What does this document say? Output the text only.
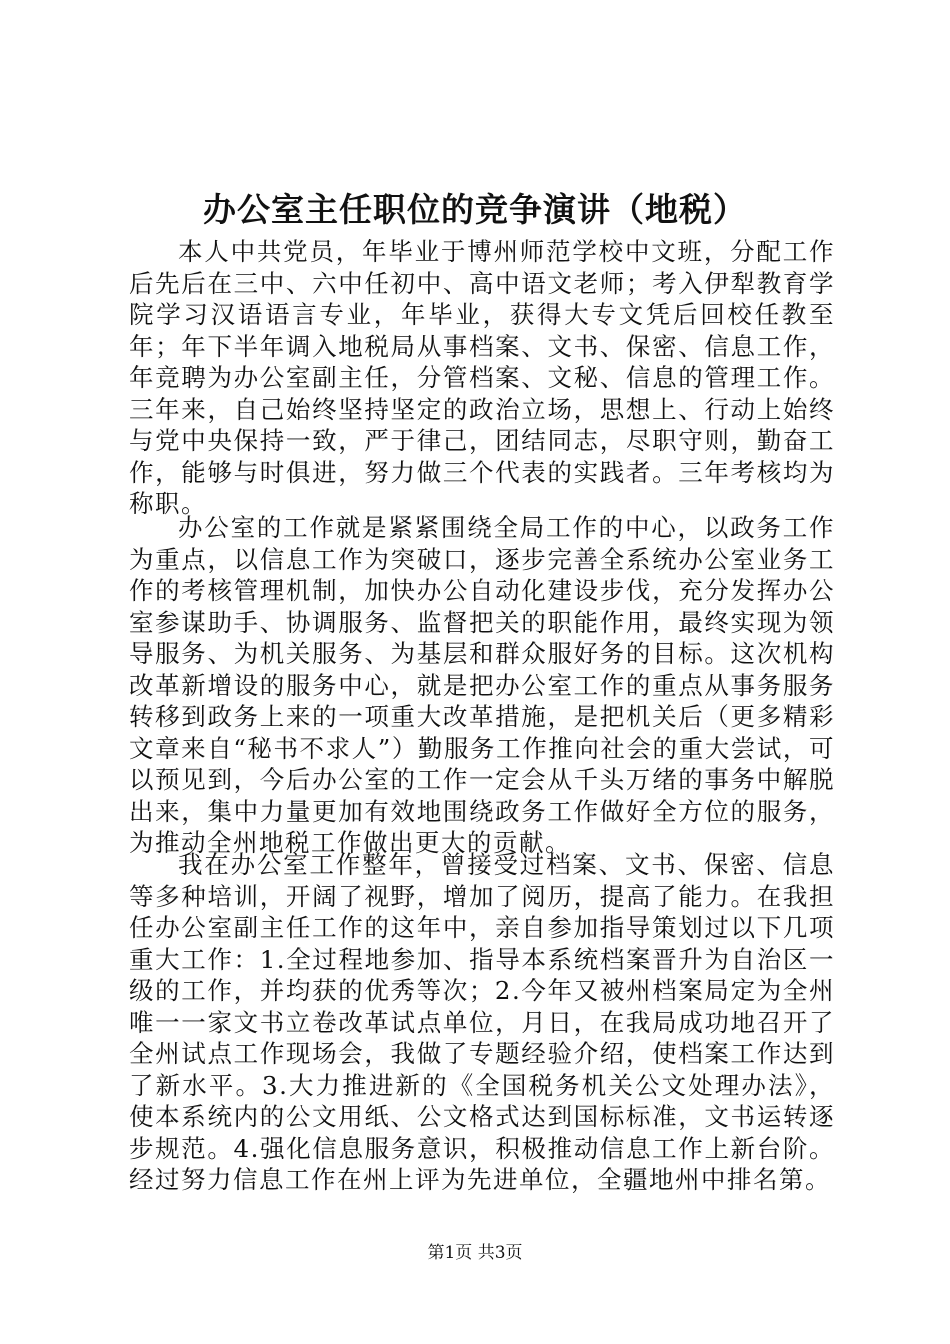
办公室主任职位的竞争演讲（地税）

本人中共党员，年毕业于博州师范学校中文班，分配工作后先后在三中、六中任初中、高中语文老师；考入伊犁教育学院学习汉语语言专业，年毕业，获得大专文凭后回校任教至年；年下半年调入地税局从事档案、文书、保密、信息工作，年竞聘为办公室副主任，分管档案、文秘、信息的管理工作。三年来，自己始终坚持坚定的政治立场，思想上、行动上始终与党中央保持一致，严于律己，团结同志，尽职守则，勤奋工作，能够与时俱进，努力做三个代表的实践者。三年考核均为称职。

办公室的工作就是紧紧围绕全局工作的中心，以政务工作为重点，以信息工作为突破口，逐步完善全系统办公室业务工作的考核管理机制，加快办公自动化建设步伐，充分发挥办公室参谋助手、协调服务、监督把关的职能作用，最终实现为领导服务、为机关服务、为基层和群众服好务的目标。这次机构改革新增设的服务中心，就是把办公室工作的重点从事务服务转移到政务上来的一项重大改革措施，是把机关后（更多精彩文章来自“秘书不求人”）勤服务工作推向社会的重大尝试，可以预见到，今后办公室的工作一定会从千头万绪的事务中解脱出来，集中力量更加有效地围绕政务工作做好全方位的服务，为推动全州地税工作做出更大的贡献。

我在办公室工作整年，曾接受过档案、文书、保密、信息等多种培训，开阔了视野，增加了阅历，提高了能力。在我担任办公室副主任工作的这年中，亲自参加指导策划过以下几项重大工作：1.全过程地参加、指导本系统档案晋升为自治区一级的工作，并均获的优秀等次；2.今年又被州档案局定为全州唯一一家文书立卷改革试点单位，月日，在我局成功地召开了全州试点工作现场会，我做了专题经验介绍，使档案工作达到了新水平。3.大力推进新的《全国税务机关公文处理办法》，使本系统内的公文用纸、公文格式达到国标标准，文书运转逐步规范。4.强化信息服务意识，积极推动信息工作上新台阶。经过努力信息工作在州上评为先进单位，全疆地州中排名第。

第1页 共3页
